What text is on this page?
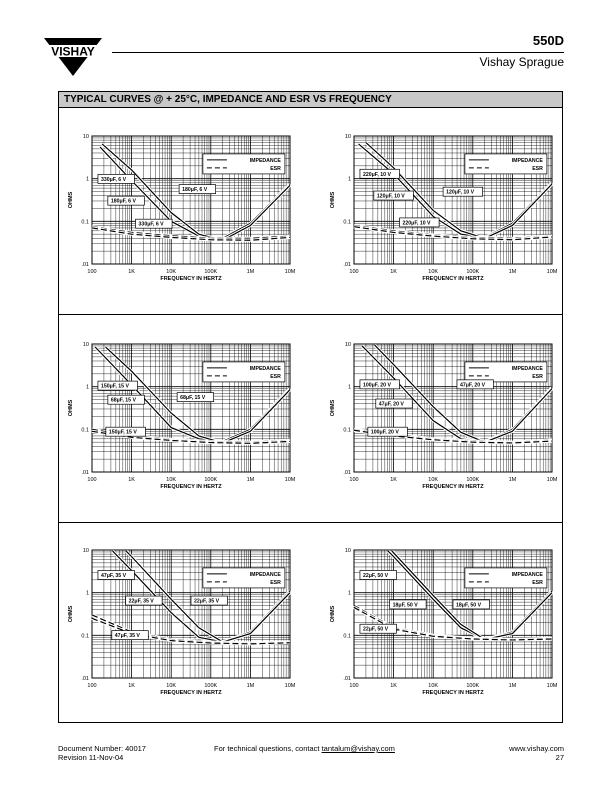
VISHAY
550D
Vishay Sprague
TYPICAL CURVES @ + 25°C, IMPEDANCE AND ESR VS FREQUENCY
100	1K	10K	100K	1M	10M
10
1
0.1
.01
FREQUENCY IN HERTZ
OHMS
IMPEDANCE
ESR
330μF, 6 V
180μF, 6 V
180μF, 6 V
330μF, 6 V
100	1K	10K	100K	1M	10M
10
1
0.1
.01
FREQUENCY IN HERTZ
OHMS
IMPEDANCE
ESR
220μF, 10 V
120μF, 10 V
120μF, 10 V
220μF, 10 V
100	1K	10K	100K	1M	10M
10
1
0.1
.01
FREQUENCY IN HERTZ
OHMS
IMPEDANCE
ESR
150μF, 15 V
68μF, 15 V
68μF, 15 V
150μF, 15 V
100	1K	10K	100K	1M	10M
10
1
0.1
.01
FREQUENCY IN HERTZ
OHMS
IMPEDANCE
ESR
100μF, 20 V	47μF, 20 V
47μF, 20 V
100μF, 20 V
100	1K	10K	100K	1M	10M
10
1
0.1
.01
FREQUENCY IN HERTZ
OHMS
IMPEDANCE
ESR
47μF, 35 V
22μF, 35 V	22μF, 35 V
47μF, 35 V
100	1K	10K	100K	1M	10M
10
1
0.1
.01
FREQUENCY IN HERTZ
OHMS
IMPEDANCE
ESR
22μF, 50 V
18μF, 50 V	18μF, 50 V
22μF, 50 V
Document Number: 40017
Revision 11-Nov-04
For technical questions, contact tantalum@vishay.com	www.vishay.com
27
